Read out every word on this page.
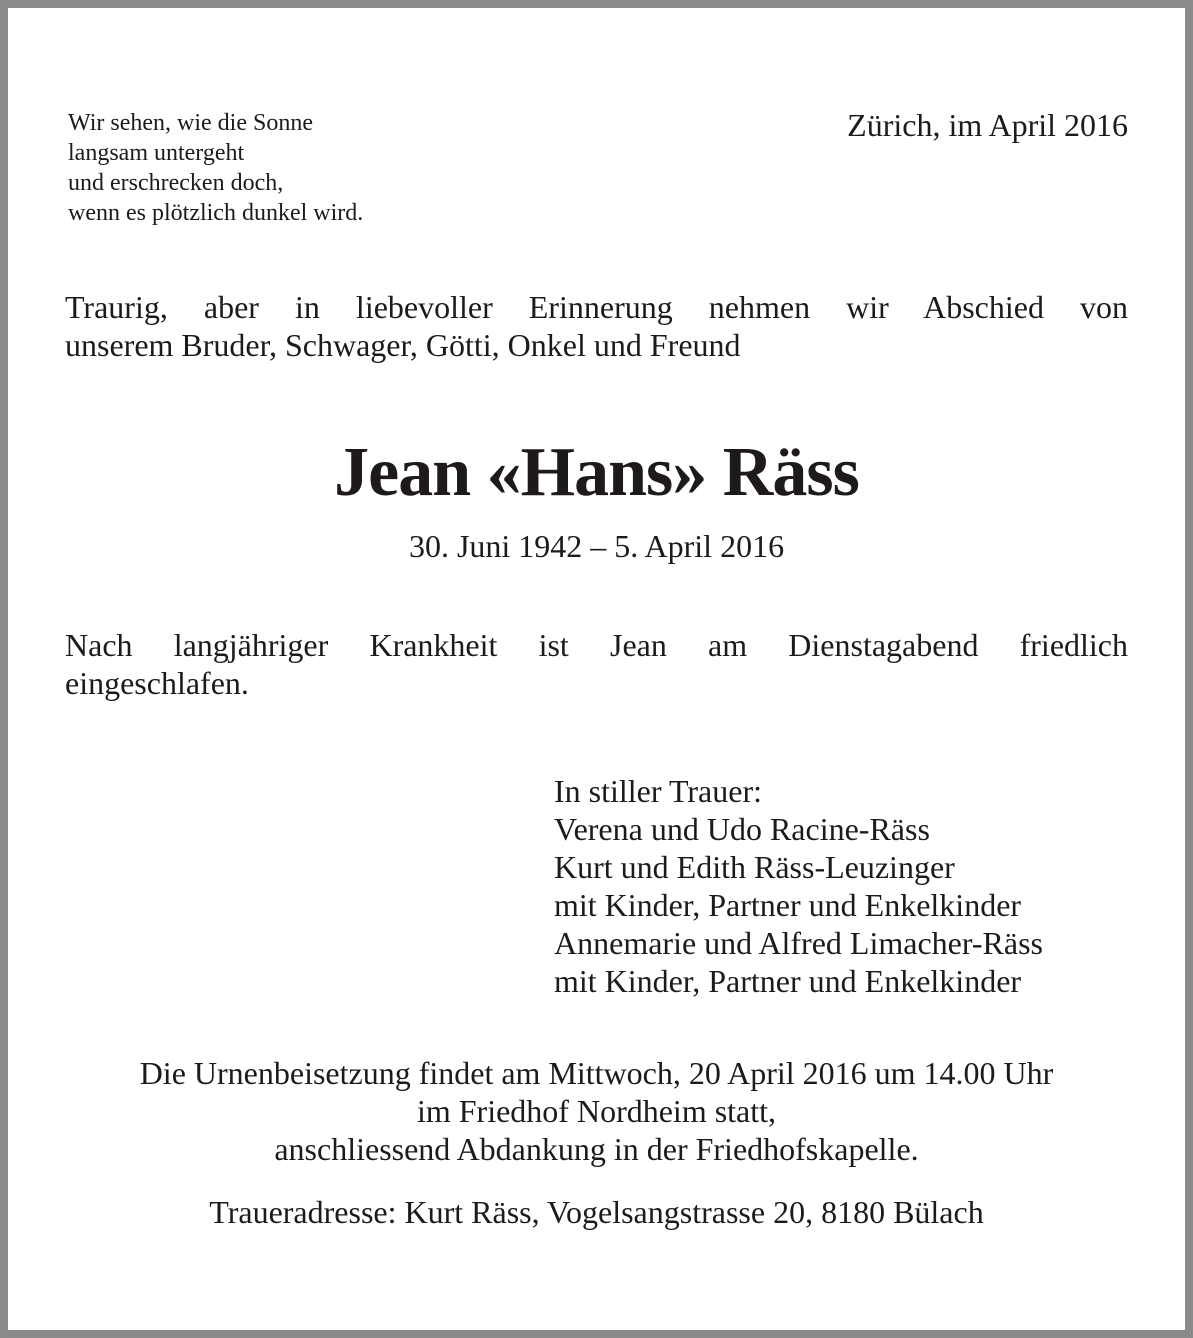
Wir sehen, wie die Sonne
langsam untergeht
und erschrecken doch,
wenn es plötzlich dunkel wird.
Zürich, im April 2016
Traurig, aber in liebevoller Erinnerung nehmen wir Abschied von
unserem Bruder, Schwager, Götti, Onkel und Freund
Jean «Hans» Räss
30. Juni 1942 – 5. April 2016
Nach langjähriger Krankheit ist Jean am Dienstagabend friedlich
eingeschlafen.
In stiller Trauer:
Verena und Udo Racine-Räss
Kurt und Edith Räss-Leuzinger
mit Kinder, Partner und Enkelkinder
Annemarie und Alfred Limacher-Räss
mit Kinder, Partner und Enkelkinder
Die Urnenbeisetzung findet am Mittwoch, 20 April 2016 um 14.00 Uhr
im Friedhof Nordheim statt,
anschliessend Abdankung in der Friedhofskapelle.
Traueradresse: Kurt Räss, Vogelsangstrasse 20, 8180 Bülach
